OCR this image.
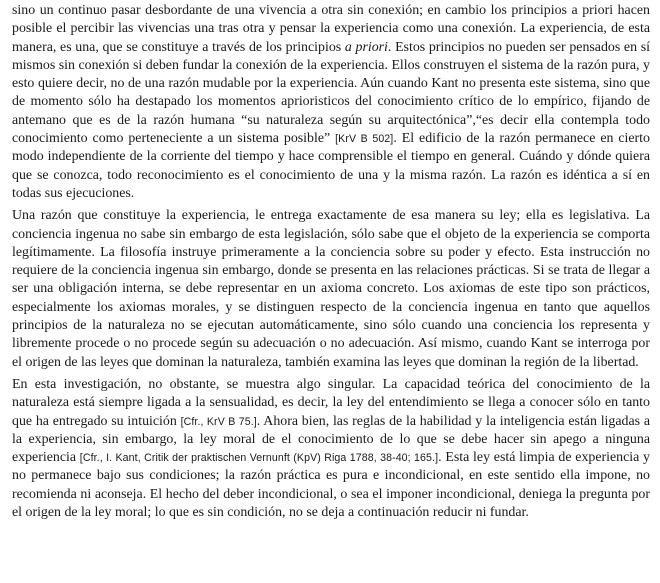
sino un continuo pasar desbordante de una vivencia a otra sin conexión; en cambio los principios a priori hacen posible el percibir las vivencias una tras otra y pensar la experiencia como una conexión. La experiencia, de esta manera, es una, que se constituye a través de los principios a priori. Estos principios no pueden ser pensados en sí mismos sin conexión si deben fundar la conexión de la experiencia. Ellos construyen el sistema de la razón pura, y esto quiere decir, no de una razón mudable por la experiencia. Aún cuando Kant no presenta este sistema, sino que de momento sólo ha destapado los momentos aprioristicos del conocimiento crítico de lo empírico, fijando de antemano que es de la razón humana “su naturaleza según su arquitectónica”,“es decir ella contempla todo conocimiento como perteneciente a un sistema posible” [KrV B 502]. El edificio de la razón permanece en cierto modo independiente de la corriente del tiempo y hace comprensible el tiempo en general. Cuándo y dónde quiera que se conozca, todo reconocimiento es el conocimiento de una y la misma razón. La razón es idéntica a sí en todas sus ejecuciones.

Una razón que constituye la experiencia, le entrega exactamente de esa manera su ley; ella es legislativa. La conciencia ingenua no sabe sin embargo de esta legislación, sólo sabe que el objeto de la experiencia se comporta legítimamente. La filosofía instruye primeramente a la conciencia sobre su poder y efecto. Esta instrucción no requiere de la conciencia ingenua sin embargo, donde se presenta en las relaciones prácticas. Si se trata de llegar a ser una obligación interna, se debe representar en un axioma concreto. Los axiomas de este tipo son prácticos, especialmente los axiomas morales, y se distinguen respecto de la conciencia ingenua en tanto que aquellos principios de la naturaleza no se ejecutan automáticamente, sino sólo cuando una conciencia los representa y libremente procede o no procede según su adecuación o no adecuación. Así mismo, cuando Kant se interroga por el origen de las leyes que dominan la naturaleza, también examina las leyes que dominan la región de la libertad.

En esta investigación, no obstante, se muestra algo singular. La capacidad teórica del conocimiento de la naturaleza está siempre ligada a la sensualidad, es decir, la ley del entendimiento se llega a conocer sólo en tanto que ha entregado su intuición [Cfr., KrV B 75.]. Ahora bien, las reglas de la habilidad y la inteligencia están ligadas a la experiencia, sin embargo, la ley moral de el conocimiento de lo que se debe hacer sin apego a ninguna experiencia [Cfr., I. Kant, Critik der praktischen Vernunft (KpV) Riga 1788, 38-40; 165.]. Esta ley está limpia de experiencia y no permanece bajo sus condiciones; la razón práctica es pura e incondicional, en este sentido ella impone, no recomienda ni aconseja. El hecho del deber incondicional, o sea el imponer incondicional, deniega la pregunta por el origen de la ley moral; lo que es sin condición, no se deja a continuación reducir ni fundar.
